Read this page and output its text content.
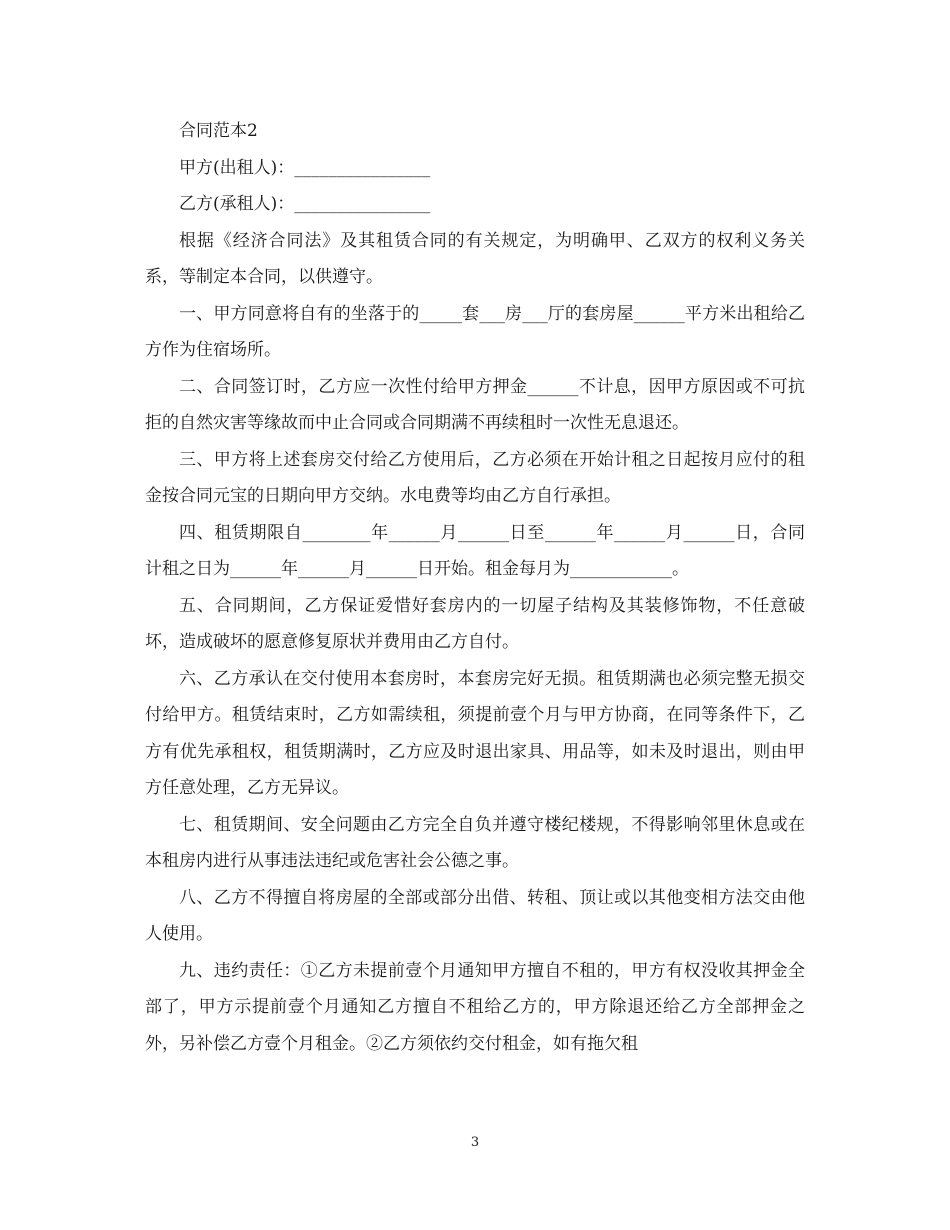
合同范本2

甲方(出租人)：________________

乙方(承租人)：________________

根据《经济合同法》及其租赁合同的有关规定，为明确甲、乙双方的权利义务关系，等制定本合同，以供遵守。

一、甲方同意将自有的坐落于的_____套___房___厅的套房屋______平方米出租给乙方作为住宿场所。

二、合同签订时，乙方应一次性付给甲方押金______不计息，因甲方原因或不可抗拒的自然灾害等缘故而中止合同或合同期满不再续租时一次性无息退还。

三、甲方将上述套房交付给乙方使用后，乙方必须在开始计租之日起按月应付的租金按合同元宝的日期向甲方交纳。水电费等均由乙方自行承担。

四、租赁期限自________年______月______日至______年______月______日，合同计租之日为______年______月______日开始。租金每月为____________。

五、合同期间，乙方保证爱惜好套房内的一切屋子结构及其装修饰物，不任意破坏，造成破坏的愿意修复原状并费用由乙方自付。

六、乙方承认在交付使用本套房时，本套房完好无损。租赁期满也必须完整无损交付给甲方。租赁结束时，乙方如需续租，须提前壹个月与甲方协商，在同等条件下，乙方有优先承租权，租赁期满时，乙方应及时退出家具、用品等，如未及时退出，则由甲方任意处理，乙方无异议。

七、租赁期间、安全问题由乙方完全自负并遵守楼纪楼规，不得影响邻里休息或在本租房内进行从事违法违纪或危害社会公德之事。

八、乙方不得擅自将房屋的全部或部分出借、转租、顶让或以其他变相方法交由他人使用。

九、违约责任：①乙方未提前壹个月通知甲方擅自不租的，甲方有权没收其押金全部了，甲方示提前壹个月通知乙方擅自不租给乙方的，甲方除退还给乙方全部押金之外，另补偿乙方壹个月租金。②乙方须依约交付租金，如有拖欠租

3
